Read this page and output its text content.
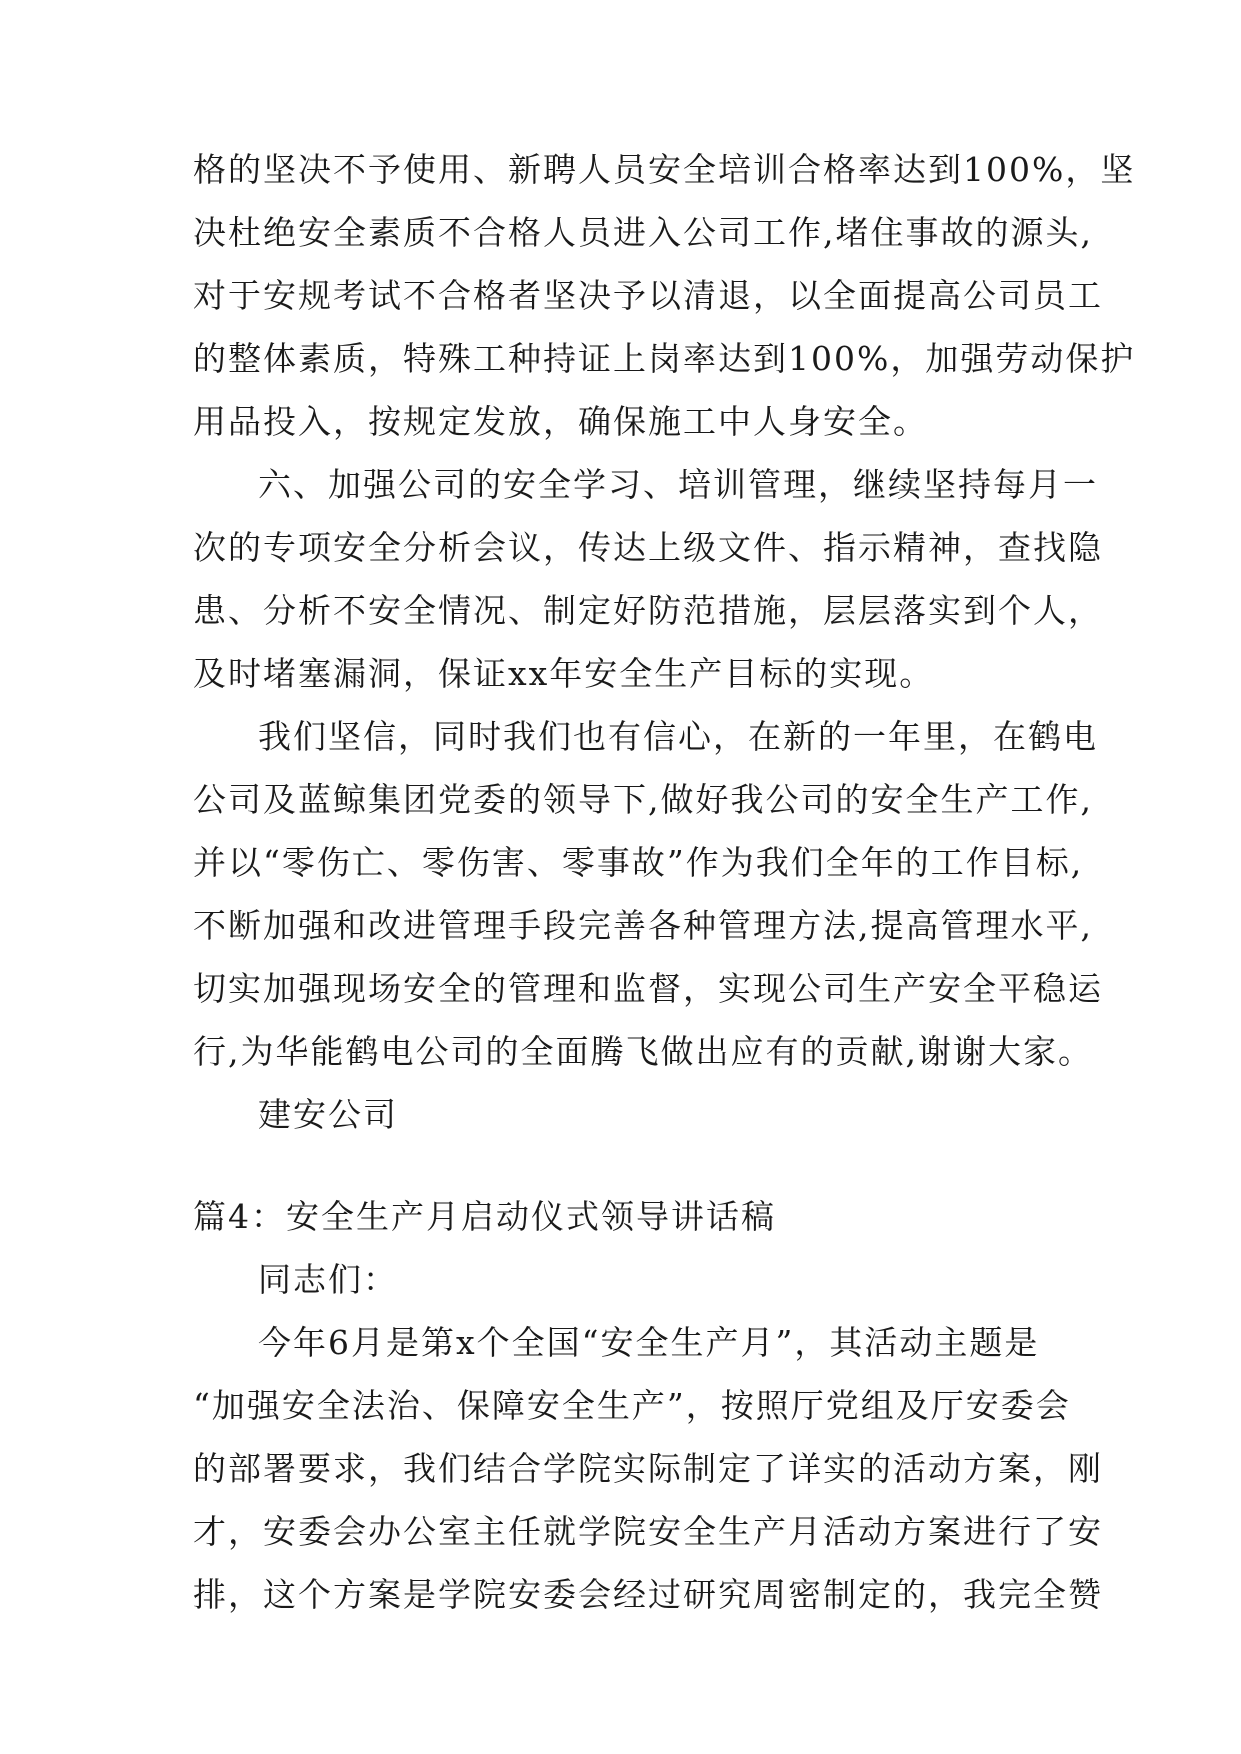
格的坚决不予使用、新聘人员安全培训合格率达到100%，坚
决杜绝安全素质不合格人员进入公司工作,堵住事故的源头,
对于安规考试不合格者坚决予以清退，以全面提高公司员工
的整体素质，特殊工种持证上岗率达到100%，加强劳动保护
用品投入，按规定发放，确保施工中人身安全。
六、加强公司的安全学习、培训管理，继续坚持每月一
次的专项安全分析会议，传达上级文件、指示精神，查找隐
患、分析不安全情况、制定好防范措施，层层落实到个人，
及时堵塞漏洞，保证xx年安全生产目标的实现。
我们坚信，同时我们也有信心，在新的一年里，在鹤电
公司及蓝鲸集团党委的领导下,做好我公司的安全生产工作,
并以“零伤亡、零伤害、零事故”作为我们全年的工作目标,
不断加强和改进管理手段完善各种管理方法,提高管理水平,
切实加强现场安全的管理和监督，实现公司生产安全平稳运
行,为华能鹤电公司的全面腾飞做出应有的贡献,谢谢大家。
建安公司
篇4：安全生产月启动仪式领导讲话稿
同志们：
今年6月是第x个全国“安全生产月”，其活动主题是
“加强安全法治、保障安全生产”，按照厅党组及厅安委会
的部署要求，我们结合学院实际制定了详实的活动方案，刚
才，安委会办公室主任就学院安全生产月活动方案进行了安
排，这个方案是学院安委会经过研究周密制定的，我完全赞
